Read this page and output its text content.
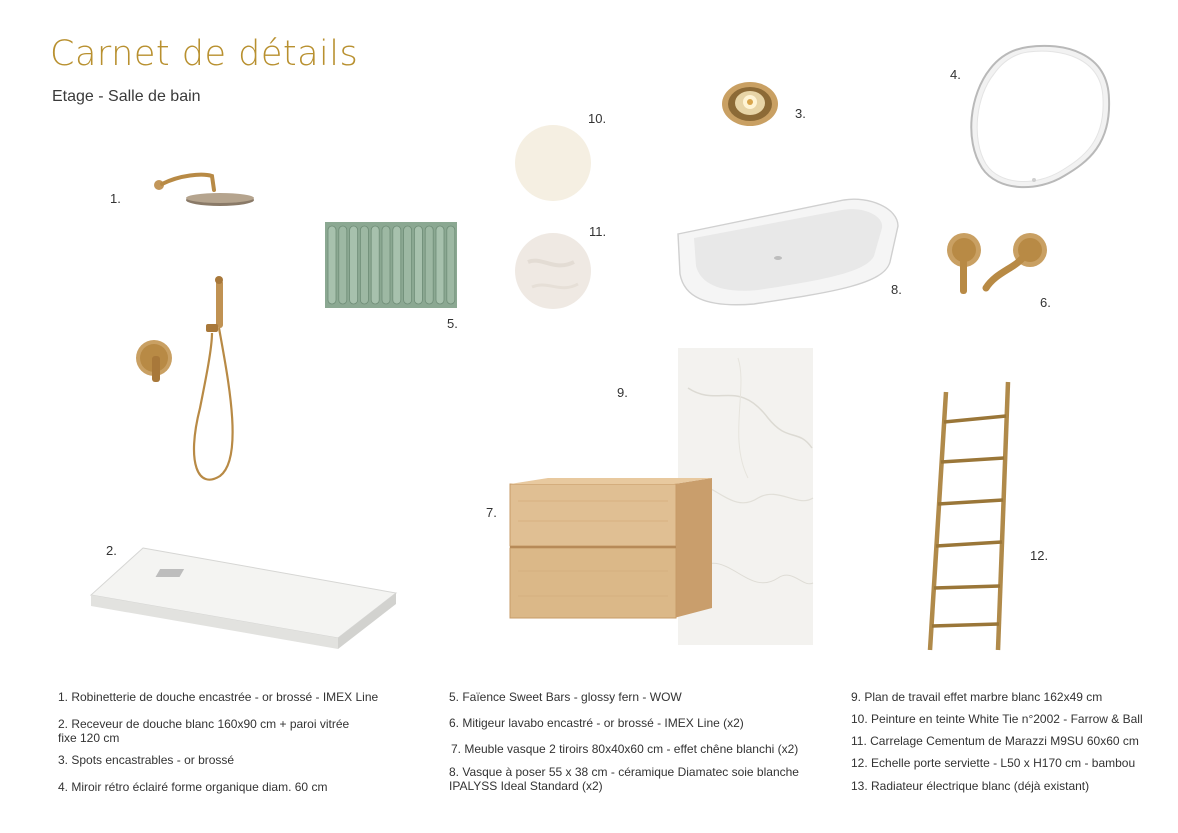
Carnet de détails
Etage - Salle de bain
1.
2.
3.
4.
5.
6.
7.
8.
9.
10.
11.
12.
1. Robinetterie de douche encastrée - or brossé - IMEX Line
2. Receveur de douche blanc 160x90 cm + paroi vitrée
fixe 120 cm
3. Spots encastrables - or brossé
4. Miroir rétro éclairé forme organique diam. 60 cm
5. Faïence Sweet Bars - glossy fern - WOW
6. Mitigeur lavabo encastré - or brossé - IMEX Line (x2)
7. Meuble vasque 2 tiroirs 80x40x60 cm - effet chêne blanchi (x2)
8. Vasque à poser 55 x 38 cm - céramique Diamatec soie blanche
IPALYSS Ideal Standard (x2)
9. Plan de travail effet marbre blanc 162x49 cm
10. Peinture en teinte White Tie n°2002 - Farrow & Ball
11. Carrelage Cementum de Marazzi M9SU 60x60 cm
12. Echelle porte serviette - L50 x H170 cm - bambou
13. Radiateur électrique blanc (déjà existant)
